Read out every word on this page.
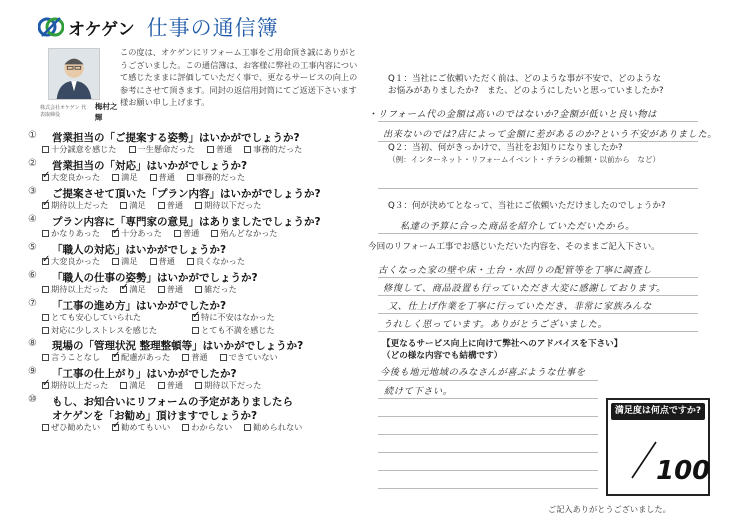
オケゲン 仕事の通信簿
株式会社オケゲン 代表取締役
梅村之輝
この度は、オケゲンにリフォーム工事をご用命頂き誠にありがとうございました。この通信簿は、お客様に弊社の工事内容について感じたままに評価していただく事で、更なるサービスの向上の参考にさせて頂きます。同封の返信用封筒にてご返送下さいます様お願い申し上げます。
①	営業担当の「ご提案する姿勢」はいかがでしょうか?
十分誠意を感じた	一生懸命だった	普通	事務的だった
②	営業担当の「対応」はいかがでしょうか?
✓
大変良かった	満足	普通	事務的だった
③	ご提案させて頂いた「プラン内容」はいかがでしょうか?
✓
期待以上だった	満足	普通	期待以下だった
④	プラン内容に「専門家の意見」はありましたでしょうか?
かなりあった ✓	十分あった	普通	殆んどなかった
⑤	「職人の対応」はいかがでしょうか?
✓
大変良かった	満足	普通	良くなかった
⑥	「職人の仕事の姿勢」はいかがでしょうか?
期待以上だった ✓	満足	普通	雑だった
⑦	「工事の進め方」はいかがでしたか?
とても安心していられた ✓	特に不安はなかった
対応に少しストレスを感じた	とても不満を感じた
⑧	現場の「管理状況 整理整頓等」はいかがでしょうか?
言うことなし ✓	配慮があった	普通	できていない
⑨	「工事の仕上がり」はいかがでしたか?
✓
期待以上だった	満足	普通	期待以下だった
⑩	もし、お知合いにリフォームの予定がありましたら
オケゲンを「お勧め」頂けますでしょうか?
ぜひ勧めたい ✓	勧めてもいい	わからない	勧められない
Q１：当社にご依頼いただく前は、どのような事が不安で、どのような
お悩みがありましたか?　また、どのようにしたいと思っていましたか?
・リフォーム代の金額は高いのではないか?金額が低いと良い物は
出来ないのでは?店によって金額に差があるのか?という不安がありました。
Q２：当初、何がきっかけで、当社をお知りになりましたか?
（例：インターネット・リフォームイベント・チラシの種類・以前から　など）
Q３：何が決めてとなって、当社にご依頼いただけましたのでしょうか?
私達の予算に合った商品を紹介していただいたから。
今回のリフォーム工事でお感じいただいた内容を、そのままご記入下さい。
古くなった家の壁や床・土台・水回りの配管等を丁寧に調査し
修復して、商品設置も行っていただき大変に感謝しております。
又、仕上げ作業を丁寧に行っていただき、非常に家族みんな
うれしく思っています。ありがとうございました。
【更なるサービス向上に向けて弊社へのアドバイスを下さい】
（どの様な内容でも結構です）
今後も地元地域のみなさんが喜ぶような仕事を
続けて下さい。
満足度は何点ですか?
100
ご記入ありがとうございました。
